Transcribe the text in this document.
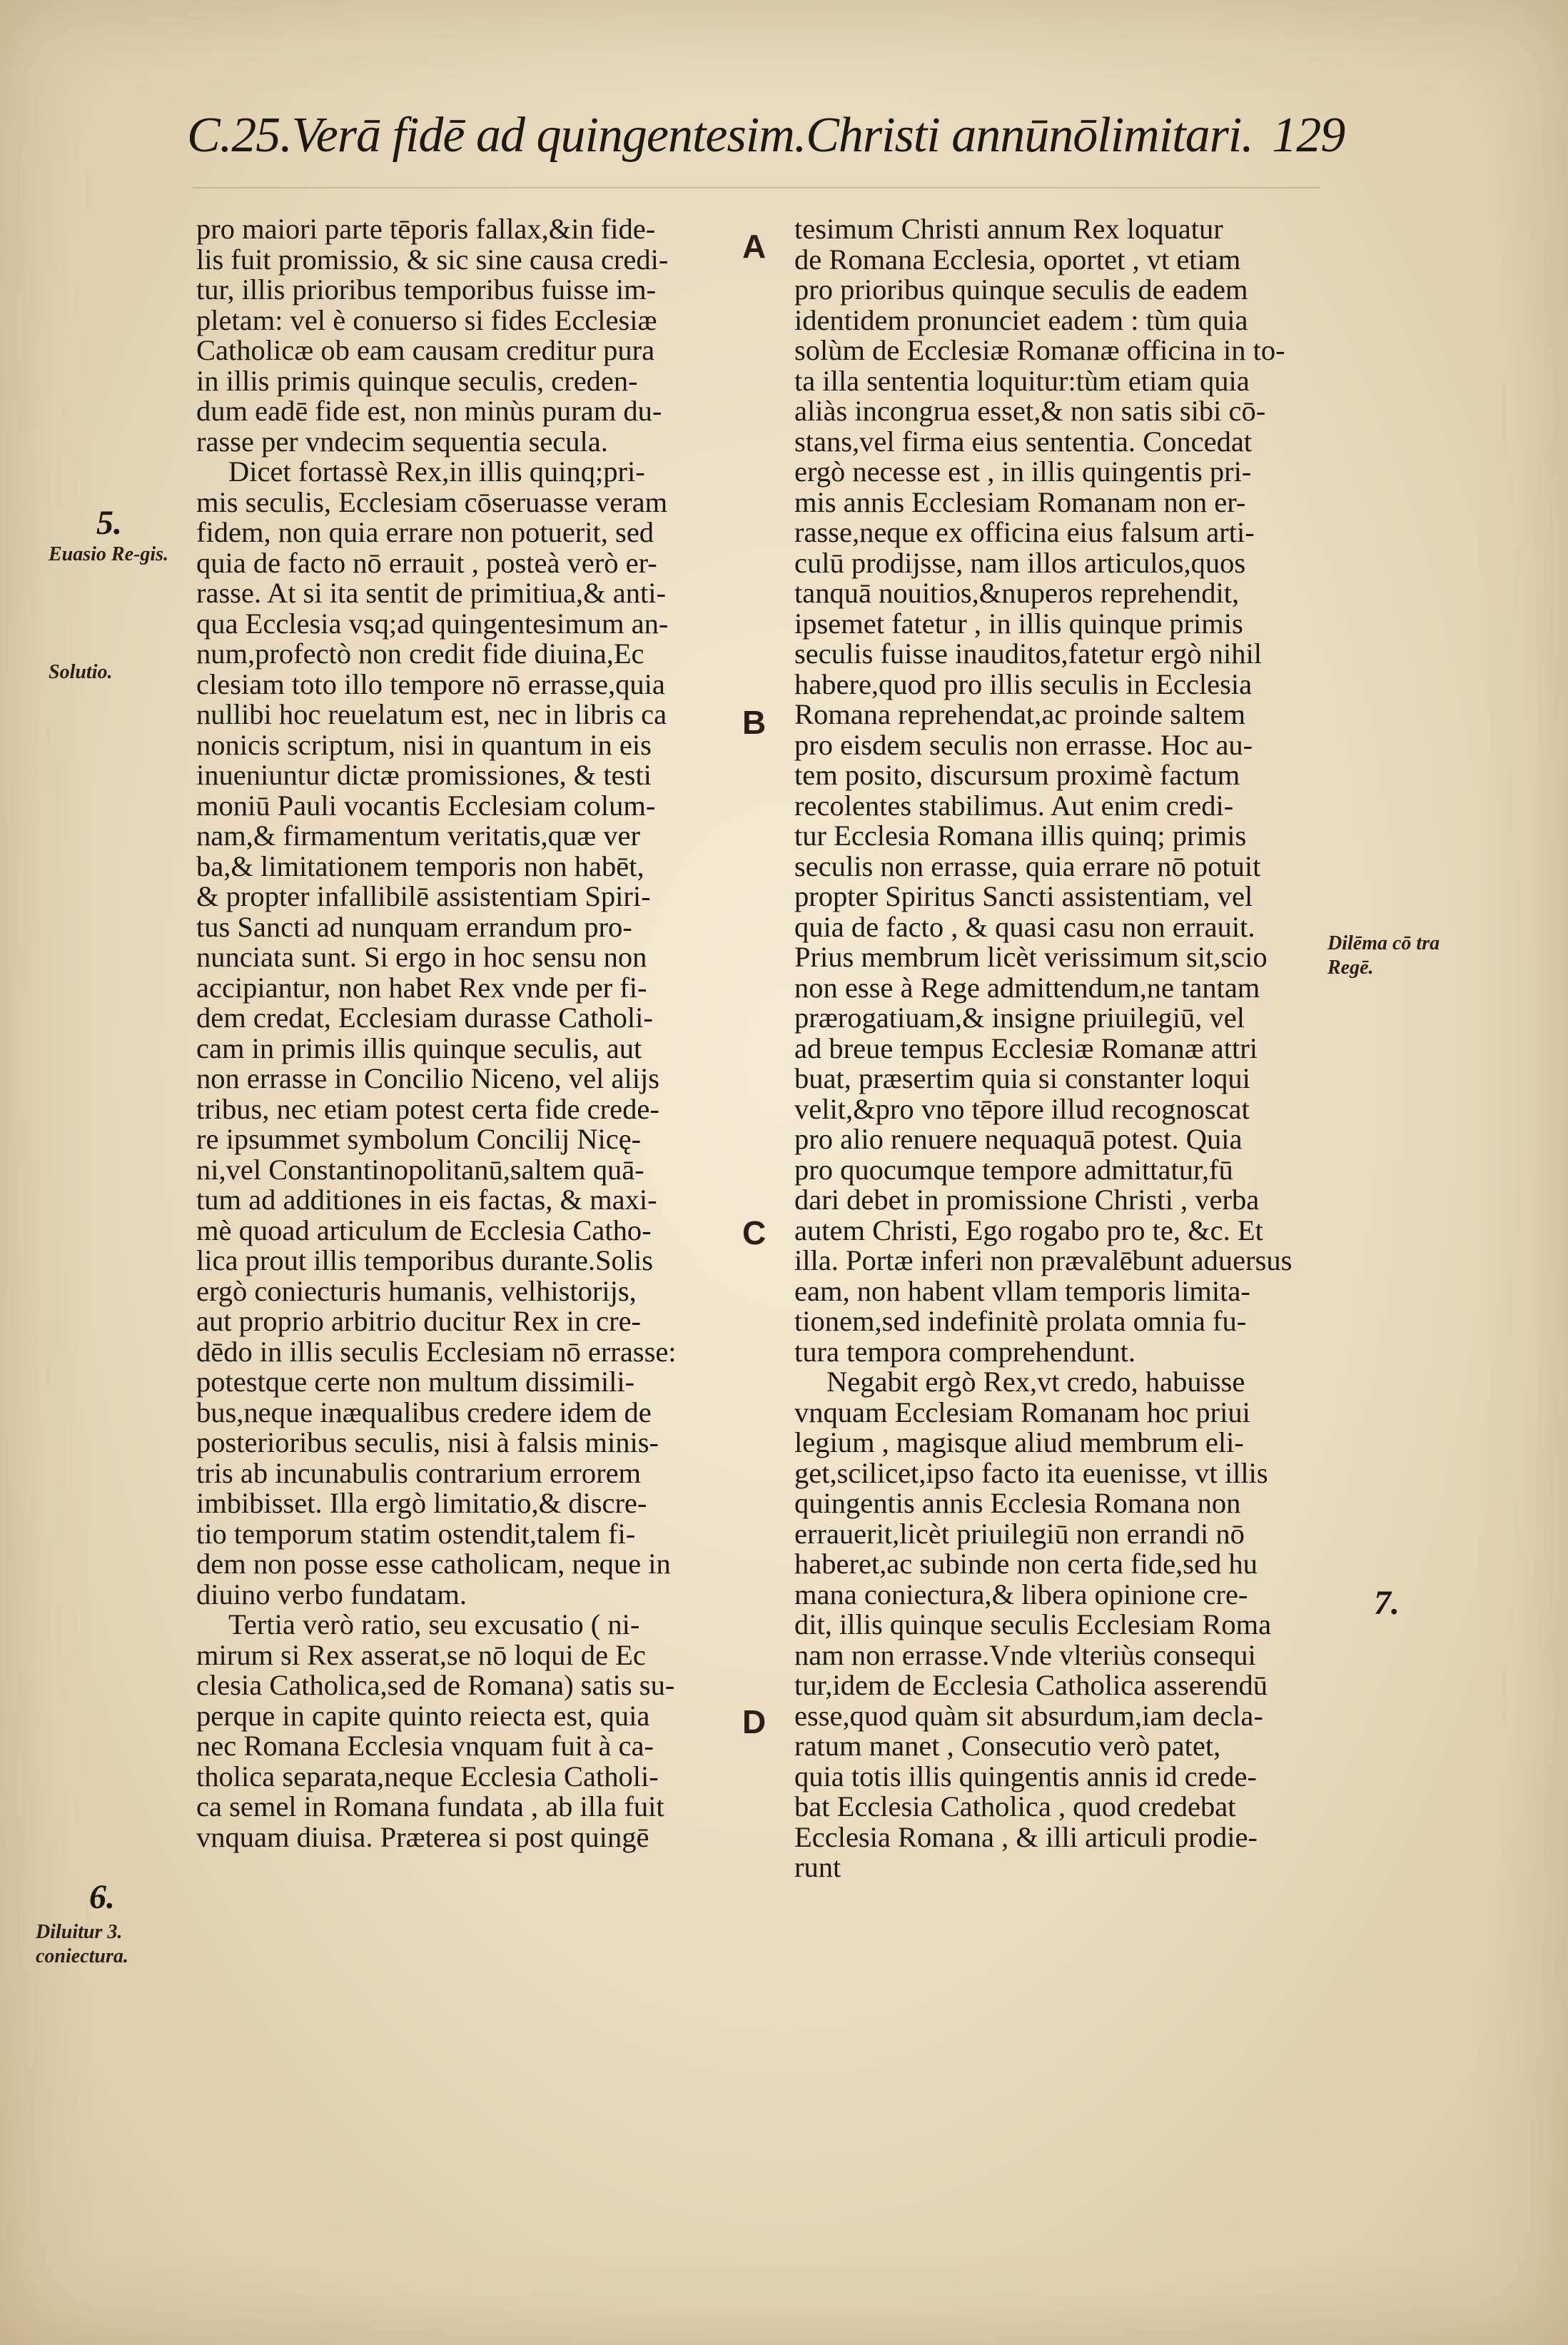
C.25.Verā fidē ad quingentesim.Christi annūnōlimitari. 129
5.
Euasio Re-gis.
Solutio.
6.
Diluitur 3. coniectura.
Dilēma cō tra Regē.
7.
A
B
C
D
pro maiori parte tēporis fallax,&in fide-
lis fuit promissio, & sic sine causa credi-
tur, illis prioribus temporibus fuisse im-
pletam: vel è conuerso si fides Ecclesiæ
Catholicæ ob eam causam creditur pura
in illis primis quinque seculis, creden-
dum eadē fide est, non minùs puram du-
rasse per vndecim sequentia secula.
Dicet fortassè Rex,in illis quinq;pri-
mis seculis, Ecclesiam cōseruasse veram
fidem, non quia errare non potuerit, sed
quia de facto nō errauit , posteà verò er-
rasse. At si ita sentit de primitiua,& anti-
qua Ecclesia vsq;ad quingentesimum an-
num,profectò non credit fide diuina,Ec
clesiam toto illo tempore nō errasse,quia
nullibi hoc reuelatum est, nec in libris ca
nonicis scriptum, nisi in quantum in eis
inueniuntur dictæ promissiones, & testi
moniū Pauli vocantis Ecclesiam colum-
nam,& firmamentum veritatis,quæ ver
ba,& limitationem temporis non habēt,
& propter infallibilē assistentiam Spiri-
tus Sancti ad nunquam errandum pro-
nunciata sunt. Si ergo in hoc sensu non
accipiantur, non habet Rex vnde per fi-
dem credat, Ecclesiam durasse Catholi-
cam in primis illis quinque seculis, aut
non errasse in Concilio Niceno, vel alijs
tribus, nec etiam potest certa fide crede-
re ipsummet symbolum Concilij Nicę-
ni,vel Constantinopolitanū,saltem quā-
tum ad additiones in eis factas, & maxi-
mè quoad articulum de Ecclesia Catho-
lica prout illis temporibus durante.Solis
ergò coniecturis humanis, velhistorijs,
aut proprio arbitrio ducitur Rex in cre-
dēdo in illis seculis Ecclesiam nō errasse:
potestque certe non multum dissimili-
bus,neque inæqualibus credere idem de
posterioribus seculis, nisi à falsis minis-
tris ab incunabulis contrarium errorem
imbibisset. Illa ergò limitatio,& discre-
tio temporum statim ostendit,talem fi-
dem non posse esse catholicam, neque in
diuino verbo fundatam.
Tertia verò ratio, seu excusatio ( ni-
mirum si Rex asserat,se nō loqui de Ec
clesia Catholica,sed de Romana) satis su-
perque in capite quinto reiecta est, quia
nec Romana Ecclesia vnquam fuit à ca-
tholica separata,neque Ecclesia Catholi-
ca semel in Romana fundata , ab illa fuit
vnquam diuisa. Præterea si post quingē
tesimum Christi annum Rex loquatur
de Romana Ecclesia, oportet , vt etiam
pro prioribus quinque seculis de eadem
identidem pronunciet eadem : tùm quia
solùm de Ecclesiæ Romanæ officina in to-
ta illa sententia loquitur:tùm etiam quia
aliàs incongrua esset,& non satis sibi cō-
stans,vel firma eius sententia. Concedat
ergò necesse est , in illis quingentis pri-
mis annis Ecclesiam Romanam non er-
rasse,neque ex officina eius falsum arti-
culū prodijsse, nam illos articulos,quos
tanquā nouitios,&nuperos reprehendit,
ipsemet fatetur , in illis quinque primis
seculis fuisse inauditos,fatetur ergò nihil
habere,quod pro illis seculis in Ecclesia
Romana reprehendat,ac proinde saltem
pro eisdem seculis non errasse. Hoc au-
tem posito, discursum proximè factum
recolentes stabilimus. Aut enim credi-
tur Ecclesia Romana illis quinq; primis
seculis non errasse, quia errare nō potuit
propter Spiritus Sancti assistentiam, vel
quia de facto , & quasi casu non errauit.
Prius membrum licèt verissimum sit,scio
non esse à Rege admittendum,ne tantam
prærogatiuam,& insigne priuilegiū, vel
ad breue tempus Ecclesiæ Romanæ attri
buat, præsertim quia si constanter loqui
velit,&pro vno tēpore illud recognoscat
pro alio renuere nequaquā potest. Quia
pro quocumque tempore admittatur,fū
dari debet in promissione Christi , verba
autem Christi, Ego rogabo pro te, &c. Et
illa. Portæ inferi non prævalēbunt aduersus
eam, non habent vllam temporis limita-
tionem,sed indefinitè prolata omnia fu-
tura tempora comprehendunt.
Negabit ergò Rex,vt credo, habuisse
vnquam Ecclesiam Romanam hoc priui
legium , magisque aliud membrum eli-
get,scilicet,ipso facto ita euenisse, vt illis
quingentis annis Ecclesia Romana non
errauerit,licèt priuilegiū non errandi nō
haberet,ac subinde non certa fide,sed hu
mana coniectura,& libera opinione cre-
dit, illis quinque seculis Ecclesiam Roma
nam non errasse.Vnde vlteriùs consequi
tur,idem de Ecclesia Catholica asserendū
esse,quod quàm sit absurdum,iam decla-
ratum manet , Consecutio verò patet,
quia totis illis quingentis annis id crede-
bat Ecclesia Catholica , quod credebat
Ecclesia Romana , & illi articuli prodie-
runt
